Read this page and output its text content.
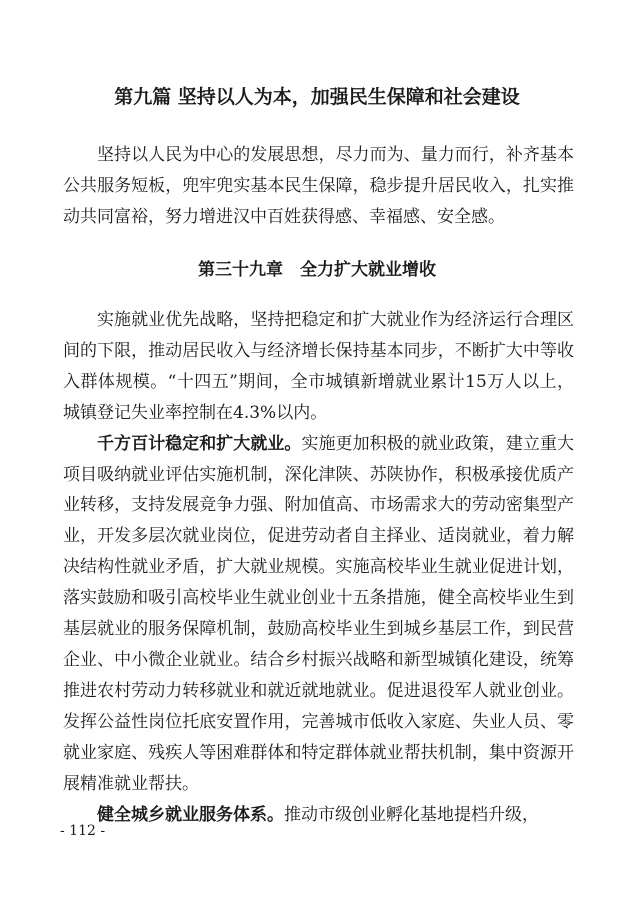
第九篇 坚持以人为本，加强民生保障和社会建设

坚持以人民为中心的发展思想，尽力而为、量力而行，补齐基本公共服务短板，兜牢兜实基本民生保障，稳步提升居民收入，扎实推动共同富裕，努力增进汉中百姓获得感、幸福感、安全感。

第三十九章　全力扩大就业增收

实施就业优先战略，坚持把稳定和扩大就业作为经济运行合理区间的下限，推动居民收入与经济增长保持基本同步，不断扩大中等收入群体规模。“十四五”期间，全市城镇新增就业累计15万人以上，城镇登记失业率控制在4.3%以内。

千方百计稳定和扩大就业。实施更加积极的就业政策，建立重大项目吸纳就业评估实施机制，深化津陕、苏陕协作，积极承接优质产业转移，支持发展竞争力强、附加值高、市场需求大的劳动密集型产业，开发多层次就业岗位，促进劳动者自主择业、适岗就业，着力解决结构性就业矛盾，扩大就业规模。实施高校毕业生就业促进计划，落实鼓励和吸引高校毕业生就业创业十五条措施，健全高校毕业生到基层就业的服务保障机制，鼓励高校毕业生到城乡基层工作，到民营企业、中小微企业就业。结合乡村振兴战略和新型城镇化建设，统筹推进农村劳动力转移就业和就近就地就业。促进退役军人就业创业。发挥公益性岗位托底安置作用，完善城市低收入家庭、失业人员、零就业家庭、残疾人等困难群体和特定群体就业帮扶机制，集中资源开展精准就业帮扶。

健全城乡就业服务体系。推动市级创业孵化基地提档升级，

- 112 -
